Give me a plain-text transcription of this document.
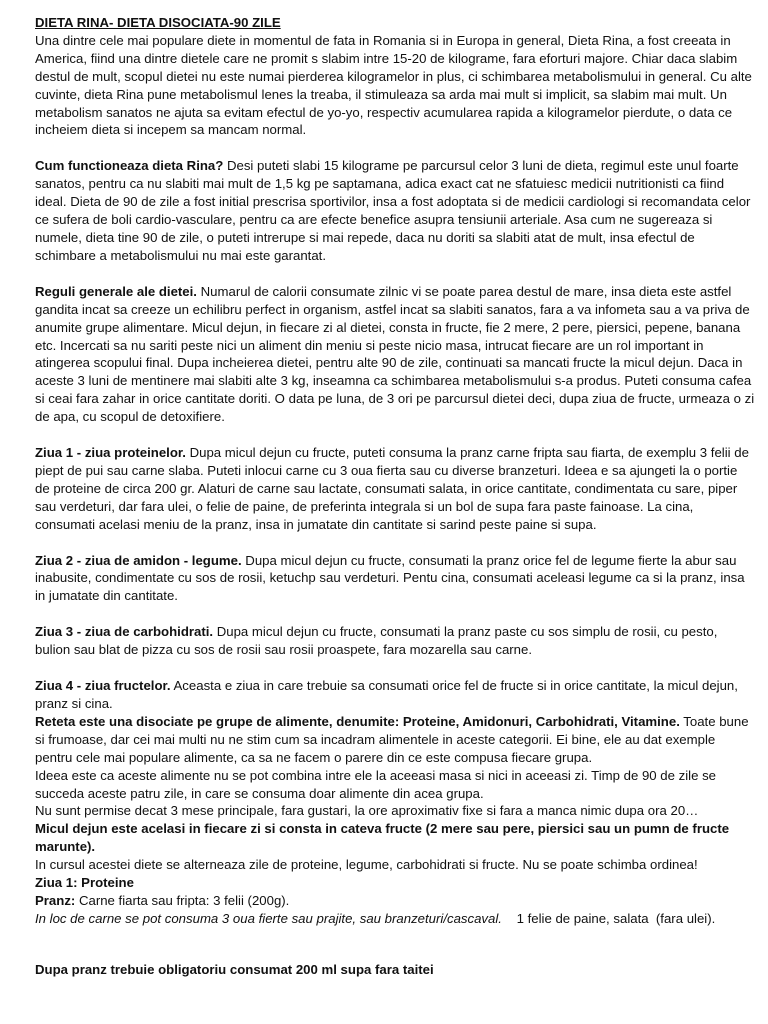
DIETA RINA- DIETA DISOCIATA-90 ZILE

Una dintre cele mai populare diete in momentul de fata in Romania si in Europa in general, Dieta Rina, a fost creeata in America, fiind una dintre dietele care ne promit s slabim intre 15-20 de kilograme, fara eforturi majore. Chiar daca slabim destul de mult, scopul dietei nu este numai pierderea kilogramelor in plus, ci schimbarea metabolismului in general. Cu alte cuvinte, dieta Rina pune metabolismul lenes la treaba, il stimuleaza sa arda mai mult si implicit, sa slabim mai mult. Un metabolism sanatos ne ajuta sa evitam efectul de yo-yo, respectiv acumularea rapida a kilogramelor pierdute, o data ce incheiem dieta si incepem sa mancam normal.

Cum functioneaza dieta Rina? Desi puteti slabi 15 kilograme pe parcursul celor 3 luni de dieta, regimul este unul foarte sanatos, pentru ca nu slabiti mai mult de 1,5 kg pe saptamana, adica exact cat ne sfatuiesc medicii nutritionisti ca fiind ideal. Dieta de 90 de zile a fost initial prescrisa sportivilor, insa a fost adoptata si de medicii cardiologi si recomandata celor ce sufera de boli cardio-vasculare, pentru ca are efecte benefice asupra tensiunii arteriale. Asa cum ne sugereaza si numele, dieta tine 90 de zile, o puteti intrerupe si mai repede, daca nu doriti sa slabiti atat de mult, insa efectul de schimbare a metabolismului nu mai este garantat.

Reguli generale ale dietei. Numarul de calorii consumate zilnic vi se poate parea destul de mare, insa dieta este astfel gandita incat sa creeze un echilibru perfect in organism, astfel incat sa slabiti sanatos, fara a va infometa sau a va priva de anumite grupe alimentare. Micul dejun, in fiecare zi al dietei, consta in fructe, fie 2 mere, 2 pere, piersici, pepene, banana etc. Incercati sa nu sariti peste nici un aliment din meniu si peste nicio masa, intrucat fiecare are un rol important in atingerea scopului final. Dupa incheierea dietei, pentru alte 90 de zile, continuati sa mancati fructe la micul dejun. Daca in aceste 3 luni de mentinere mai slabiti alte 3 kg, inseamna ca schimbarea metabolismului s-a produs. Puteti consuma cafea si ceai fara zahar in orice cantitate doriti. O data pe luna, de 3 ori pe parcursul dietei deci, dupa ziua de fructe, urmeaza o zi de apa, cu scopul de detoxifiere.

Ziua 1 - ziua proteinelor. Dupa micul dejun cu fructe, puteti consuma la pranz carne fripta sau fiarta, de exemplu 3 felii de piept de pui sau carne slaba. Puteti inlocui carne cu 3 oua fierta sau cu diverse branzeturi. Ideea e sa ajungeti la o portie de proteine de circa 200 gr. Alaturi de carne sau lactate, consumati salata, in orice cantitate, condimentata cu sare, piper sau verdeturi, dar fara ulei, o felie de paine, de preferinta integrala si un bol de supa fara paste fainoase. La cina, consumati acelasi meniu de la pranz, insa in jumatate din cantitate si sarind peste paine si supa.

Ziua 2 - ziua de amidon - legume. Dupa micul dejun cu fructe, consumati la pranz orice fel de legume fierte la abur sau inabusite, condimentate cu sos de rosii, ketuchp sau verdeturi. Pentu cina, consumati aceleasi legume ca si la pranz, insa in jumatate din cantitate.

Ziua 3 - ziua de carbohidrati. Dupa micul dejun cu fructe, consumati la pranz paste cu sos simplu de rosii, cu pesto, bulion sau blat de pizza cu sos de rosii sau rosii proaspete, fara mozarella sau carne.

Ziua 4 - ziua fructelor. Aceasta e ziua in care trebuie sa consumati orice fel de fructe si in orice cantitate, la micul dejun, pranz si cina.

Reteta este una disociate pe grupe de alimente, denumite: Proteine, Amidonuri, Carbohidrati, Vitamine. Toate bune si frumoase, dar cei mai multi nu ne stim cum sa incadram alimentele in aceste categorii. Ei bine, ele au dat exemple pentru cele mai populare alimente, ca sa ne facem o parere din ce este compusa fiecare grupa.

Ideea este ca aceste alimente nu se pot combina intre ele la aceeasi masa si nici in aceeasi zi. Timp de 90 de zile se succeda aceste patru zile, in care se consuma doar alimente din acea grupa.

Nu sunt permise decat 3 mese principale, fara gustari, la ore aproximativ fixe si fara a manca nimic dupa ora 20…

Micul dejun este acelasi in fiecare zi si consta in cateva fructe (2 mere sau pere, piersici sau un pumn de fructe marunte).

In cursul acestei diete se alterneaza zile de proteine, legume, carbohidrati si fructe. Nu se poate schimba ordinea!

Ziua 1: Proteine

Pranz: Carne fiarta sau fripta: 3 felii (200g).

In loc de carne se pot consuma 3 oua fierte sau prajite, sau branzeturi/cascaval.    1 felie de paine, salata  (fara ulei).

Dupa pranz trebuie obligatoriu consumat 200 ml supa fara taitei
